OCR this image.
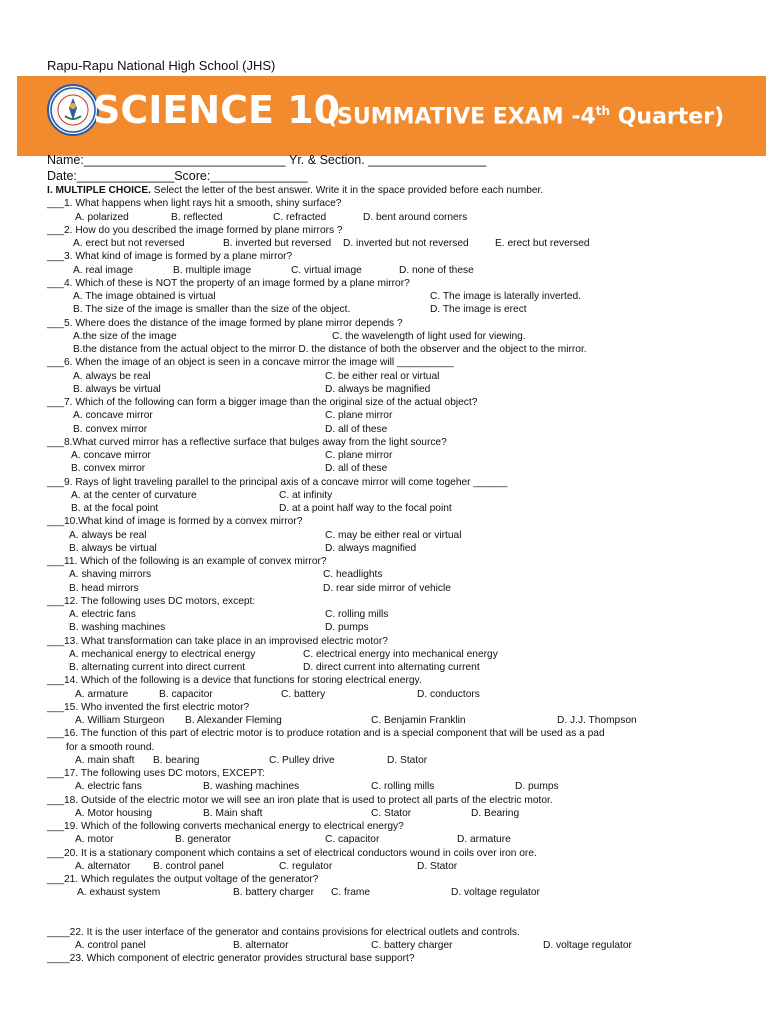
Rapu-Rapu National High School (JHS)
SCIENCE 10
(SUMMATIVE EXAM -4th Quarter)
Name:_____________________________ Yr. & Section. _________________
Date:______________Score:______________
I. MULTIPLE CHOICE. Select the letter of the best answer. Write it in the space provided before each number.
___1. What happens when light rays hit a smooth, shiny surface?
A. polarized	B. reflected	C. refracted	D. bent around corners
___2. How do you described the image formed by plane mirrors ?
A. erect but not reversed	B. inverted but reversed D. inverted but not reversed	E. erect but reversed
___3. What kind of image is formed by a plane mirror?
A. real image	B. multiple image	C. virtual image	D. none of these
___4. Which of these is NOT the property of an image formed by a plane mirror?
A. The image obtained is virtual	C. The image is laterally inverted.
B. The size of the image is smaller than the size of the object.	D. The image is erect
___5. Where does the distance of the image formed by plane mirror depends ?
A.the size of the image	C. the wavelength of light used for viewing.
B.the distance from the actual object to the mirror D. the distance of both the observer and the object to the mirror.
___6. When the image of an object is seen in a concave mirror the image will __________
A. always be real	C. be either real or virtual
B. always be virtual	D. always be magnified
___7. Which of the following can form a bigger image than the original size of the actual object?
A. concave mirror	C. plane mirror
B. convex mirror	D. all of these
___8.What curved mirror has a reflective surface that bulges away from the light source?
A. concave mirror	C. plane mirror
B. convex mirror	D. all of these
___9. Rays of light traveling parallel to the principal axis of a concave mirror will come togeher ______
A. at the center of curvature	C. at infinity
B. at the focal point	D. at a point half way to the focal point
___10.What kind of image is formed by a convex mirror?
A. always be real	C. may be either real or virtual
B. always be virtual	D. always magnified
___11. Which of the following is an example of convex mirror?
A. shaving mirrors	C. headlights
B. head mirrors	D. rear side mirror of vehicle
___12. The following uses DC motors, except:
A. electric fans	C. rolling mills
B. washing machines	D. pumps
___13. What transformation can take place in an improvised electric motor?
A. mechanical energy to electrical energy	C. electrical energy into mechanical energy
B. alternating current into direct current	D. direct current into alternating current
___14. Which of the following is a device that functions for storing electrical energy.
A. armature	B. capacitor	C. battery	D. conductors
___15. Who invented the first electric motor?
A. William Sturgeon B. Alexander Fleming	C. Benjamin Franklin	D. J.J. Thompson
___16. The function of this part of electric motor is to produce rotation and is a special component that will be used as a pad
for a smooth round.
A. main shaft B. bearing	C. Pulley drive	D. Stator
___17. The following uses DC motors, EXCEPT:
A. electric fans	B. washing machines	C. rolling mills	D. pumps
___18. Outside of the electric motor we will see an iron plate that is used to protect all parts of the electric motor.
A. Motor housing	B. Main shaft	C. Stator	D. Bearing
___19. Which of the following converts mechanical energy to electrical energy?
A. motor	B. generator	C. capacitor	D. armature
___20. It is a stationary component which contains a set of electrical conductors wound in coils over iron ore.
A. alternator B. control panel	C. regulator	D. Stator
___21. Which regulates the output voltage of the generator?
A. exhaust system	B. battery charger C. frame	D. voltage regulator
____22. It is the user interface of the generator and contains provisions for electrical outlets and controls.
A. control panel	B. alternator	C. battery charger	D. voltage regulator
____23. Which component of electric generator provides structural base support?
